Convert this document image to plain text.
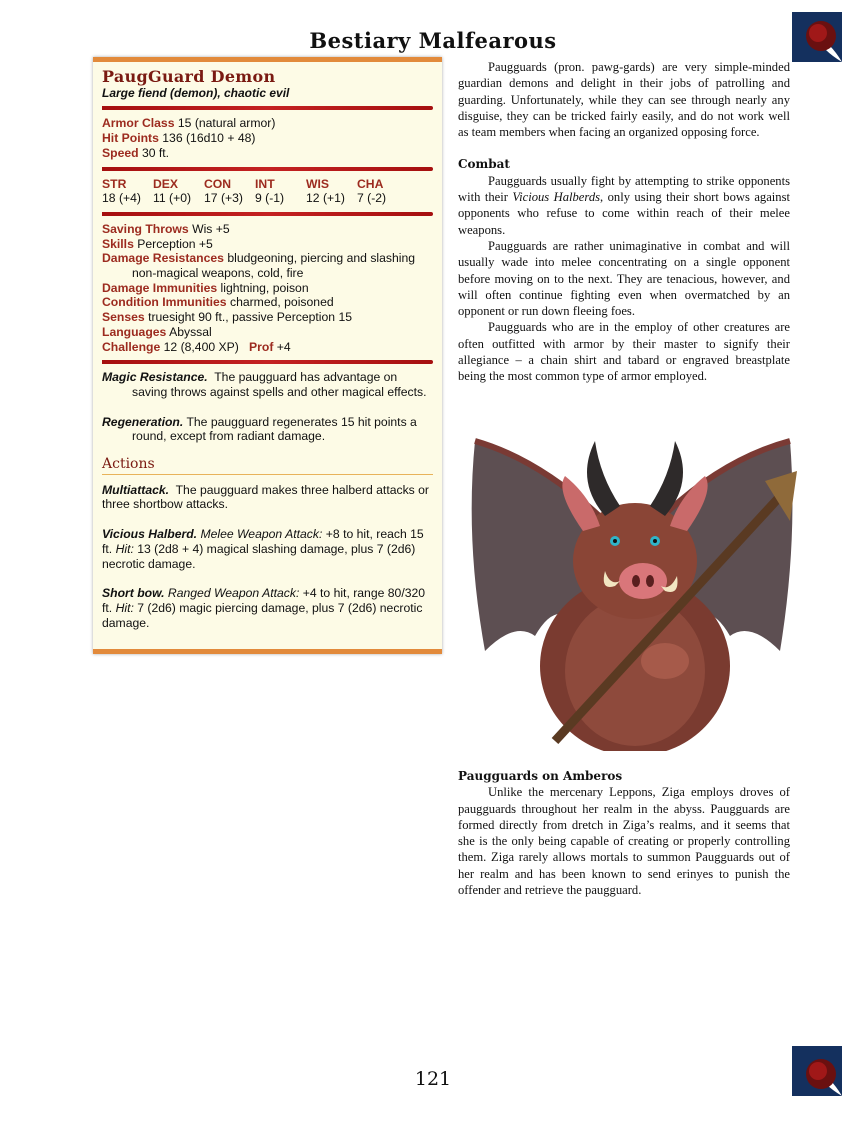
Bestiary Malfearous
PaugGuard Demon
Large fiend (demon), chaotic evil
Armor Class 15 (natural armor)
Hit Points 136 (16d10 + 48)
Speed 30 ft.
STR
18 (+4)
DEX
11 (+0)
CON
17 (+3)
INT
9 (-1)
WIS
12 (+1)
CHA
7 (-2)
Saving Throws Wis +5
Skills Perception +5
Damage Resistances bludgeoning, piercing and slashing non-magical weapons, cold, fire
Damage Immunities lightning, poison
Condition Immunities charmed, poisoned
Senses truesight 90 ft., passive Perception 15
Languages Abyssal
Challenge 12 (8,400 XP) Prof +4
Magic Resistance. The paugguard has advantage on saving throws against spells and other magical effects.
Regeneration. The paugguard regenerates 15 hit points a round, except from radiant damage.
Actions
Multiattack. The paugguard makes three halberd attacks or three shortbow attacks.
Vicious Halberd. Melee Weapon Attack: +8 to hit, reach 15 ft. Hit: 13 (2d8 + 4) magical slashing damage, plus 7 (2d6) necrotic damage.
Short bow. Ranged Weapon Attack: +4 to hit, range 80/320 ft. Hit: 7 (2d6) magic piercing damage, plus 7 (2d6) necrotic damage.

Paugguards (pron. pawg-gards) are very simple-minded guardian demons and delight in their jobs of patrolling and guarding. Unfortunately, while they can see through nearly any disguise, they can be tricked fairly easily, and do not work well as team members when facing an organized opposing force.

Combat

Paugguards usually fight by attempting to strike opponents with their Vicious Halberds, only using their short bows against opponents who refuse to come within reach of their melee weapons.

Paugguards are rather unimaginative in combat and will usually wade into melee concentrating on a single opponent before moving on to the next. They are tenacious, however, and will often continue fighting even when overmatched by an opponent or run down fleeing foes.

Paugguards who are in the employ of other creatures are often outfitted with armor by their master to signify their allegiance – a chain shirt and tabard or engraved breastplate being the most common type of armor employed.

Paugguards on Amberos

Unlike the mercenary Leppons, Ziga employs droves of paugguards throughout her realm in the abyss. Paugguards are formed directly from dretch in Ziga’s realms, and it seems that she is the only being capable of creating or properly controlling them. Ziga rarely allows mortals to summon Paugguards out of her realm and has been known to send erinyes to punish the offender and retrieve the paugguard.

121
